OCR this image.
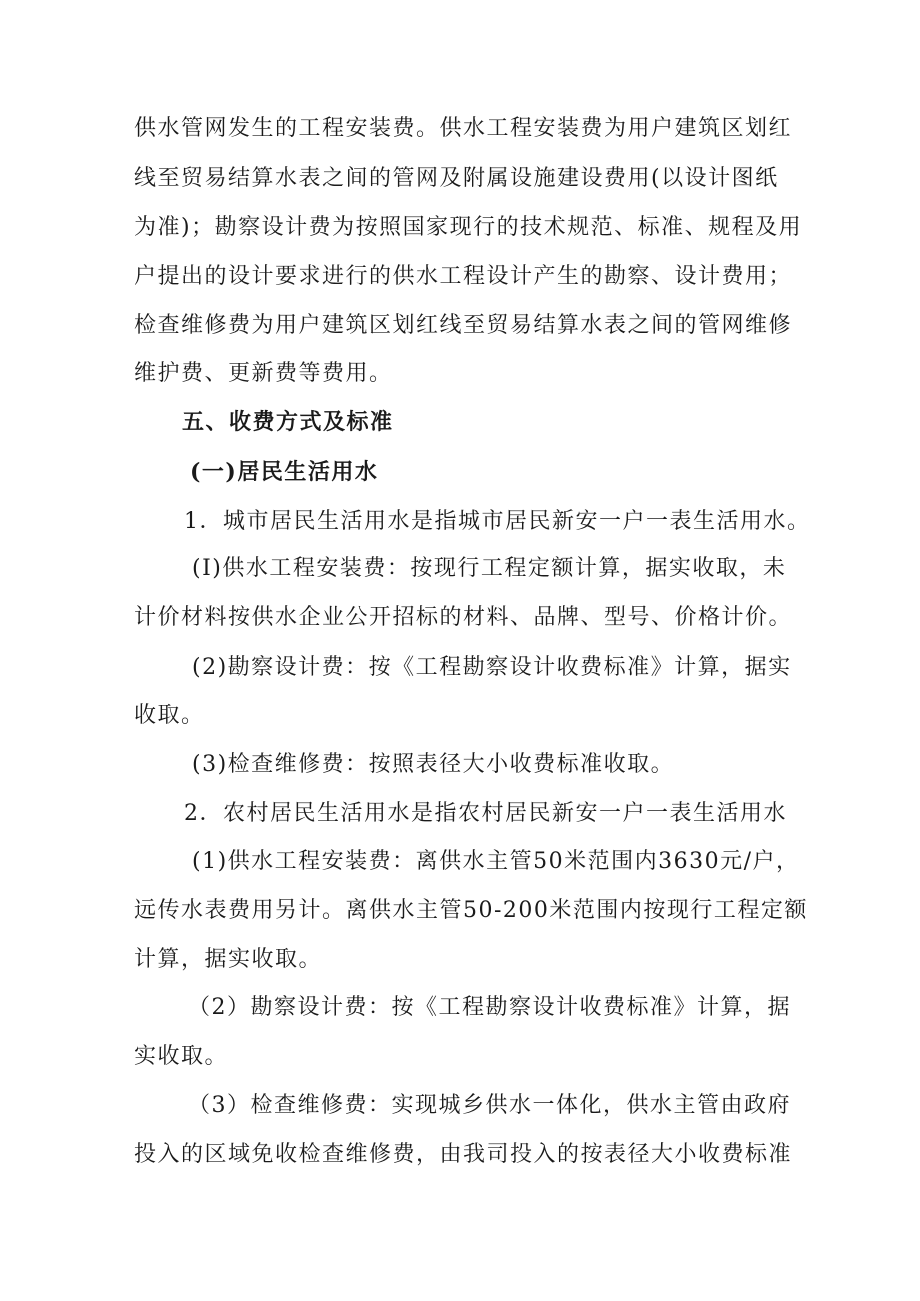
供水管网发生的工程安装费。供水工程安装费为用户建筑区划红
线至贸易结算水表之间的管网及附属设施建设费用(以设计图纸
为准)；勘察设计费为按照国家现行的技术规范、标准、规程及用
户提出的设计要求进行的供水工程设计产生的勘察、设计费用；
检查维修费为用户建筑区划红线至贸易结算水表之间的管网维修
维护费、更新费等费用。
五、收费方式及标准
(一)居民生活用水
1．城市居民生活用水是指城市居民新安一户一表生活用水。
(I)供水工程安装费：按现行工程定额计算，据实收取，未
计价材料按供水企业公开招标的材料、品牌、型号、价格计价。
(2)勘察设计费：按《工程勘察设计收费标准》计算，据实
收取。
(3)检查维修费：按照表径大小收费标准收取。
2．农村居民生活用水是指农村居民新安一户一表生活用水
(1)供水工程安装费：离供水主管50米范围内3630元/户，
远传水表费用另计。离供水主管50-200米范围内按现行工程定额
计算，据实收取。
（2）勘察设计费：按《工程勘察设计收费标准》计算，据
实收取。
（3）检查维修费：实现城乡供水一体化，供水主管由政府
投入的区域免收检查维修费，由我司投入的按表径大小收费标准
